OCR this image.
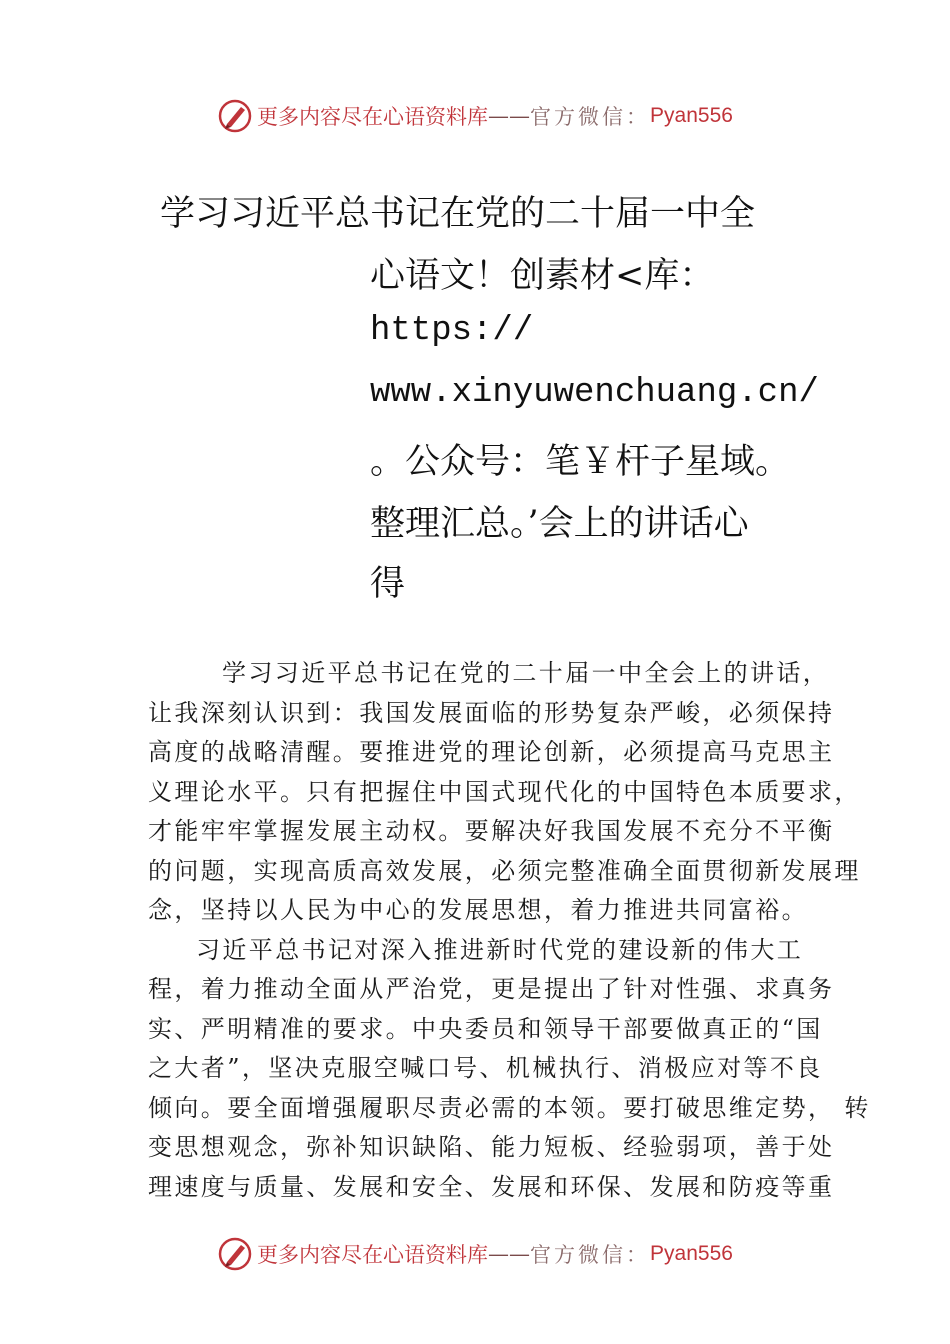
更多内容尽在心语资料库 —— 官方微信： Pyan556
学习习近平总书记在党的二十届一中全
心语文！创素材<库：
https://
www.xinyuwenchuang.cn/
。公众号：笔￥杆子星域。
整理汇总。’会上的讲话心
得
学习习近平总书记在党的二十届一中全会上的讲话，
让我深刻认识到：我国发展面临的形势复杂严峻，必须保持
高度的战略清醒。要推进党的理论创新，必须提高马克思主
义理论水平。只有把握住中国式现代化的中国特色本质要求，
才能牢牢掌握发展主动权。要解决好我国发展不充分不平衡
的问题，实现高质高效发展，必须完整准确全面贯彻新发展理
念，坚持以人民为中心的发展思想，着力推进共同富裕。
习近平总书记对深入推进新时代党的建设新的伟大工
程，着力推动全面从严治党，更是提出了针对性强、求真务
实、严明精准的要求。中央委员和领导干部要做真正的“国
之大者”，坚决克服空喊口号、机械执行、消极应对等不良
倾向。要全面增强履职尽责必需的本领。要打破思维定势， 转
变思想观念，弥补知识缺陷、能力短板、经验弱项，善于处
理速度与质量、发展和安全、发展和环保、发展和防疫等重
更多内容尽在心语资料库 —— 官方微信： Pyan556
